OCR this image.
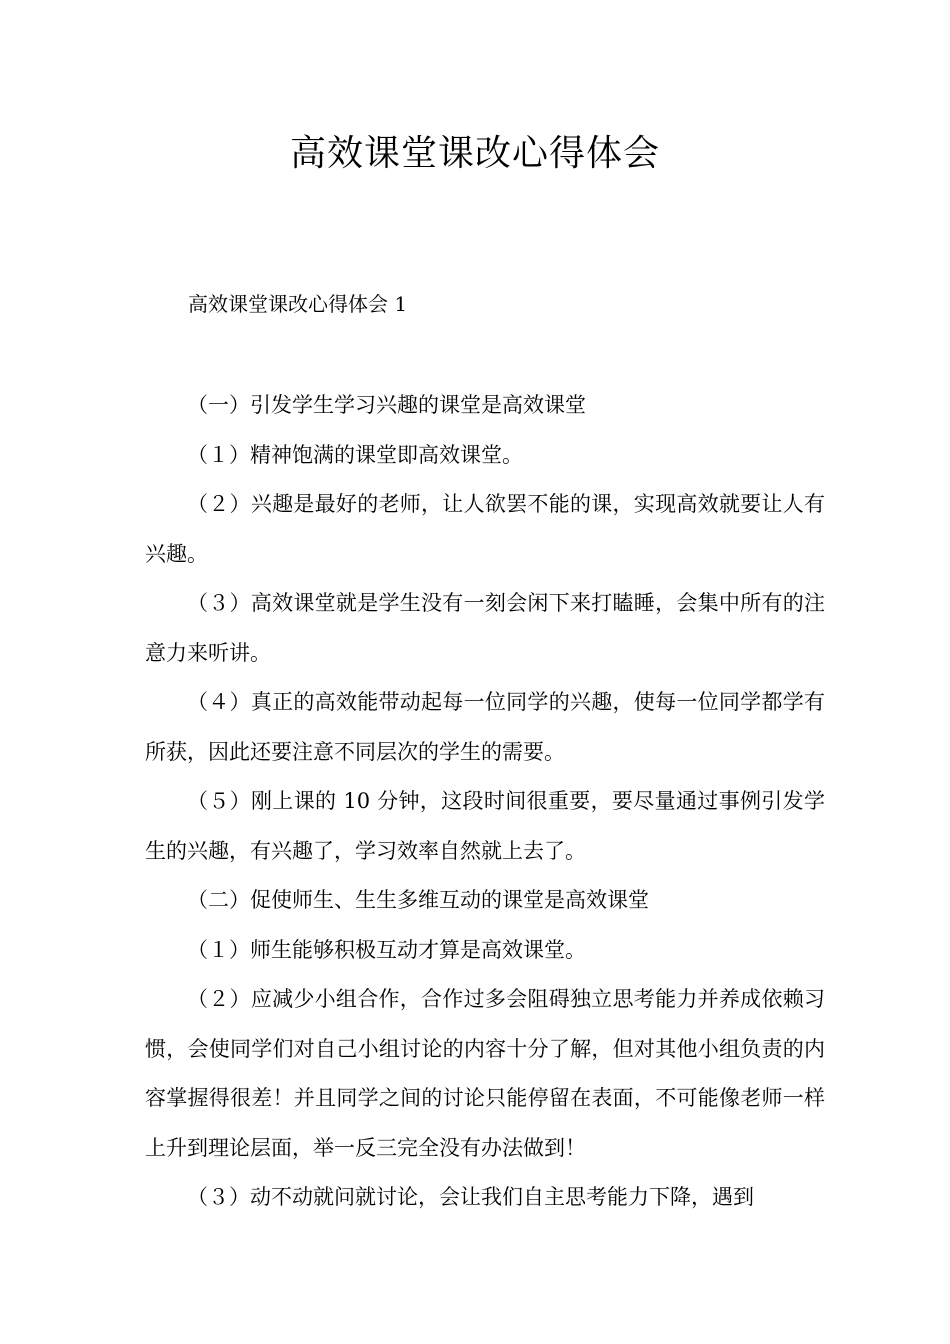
高效课堂课改心得体会
高效课堂课改心得体会 1

（一）引发学生学习兴趣的课堂是高效课堂

（１）精神饱满的课堂即高效课堂。

（２）兴趣是最好的老师，让人欲罢不能的课，实现高效就要让人有兴趣。

（３）高效课堂就是学生没有一刻会闲下来打瞌睡，会集中所有的注意力来听讲。

（４）真正的高效能带动起每一位同学的兴趣，使每一位同学都学有所获，因此还要注意不同层次的学生的需要。

（５）刚上课的 10 分钟，这段时间很重要，要尽量通过事例引发学生的兴趣，有兴趣了，学习效率自然就上去了。

（二）促使师生、生生多维互动的课堂是高效课堂

（１）师生能够积极互动才算是高效课堂。

（２）应减少小组合作，合作过多会阻碍独立思考能力并养成依赖习惯，会使同学们对自己小组讨论的内容十分了解，但对其他小组负责的内容掌握得很差！并且同学之间的讨论只能停留在表面，不可能像老师一样上升到理论层面，举一反三完全没有办法做到！

（３）动不动就问就讨论，会让我们自主思考能力下降，遇到
